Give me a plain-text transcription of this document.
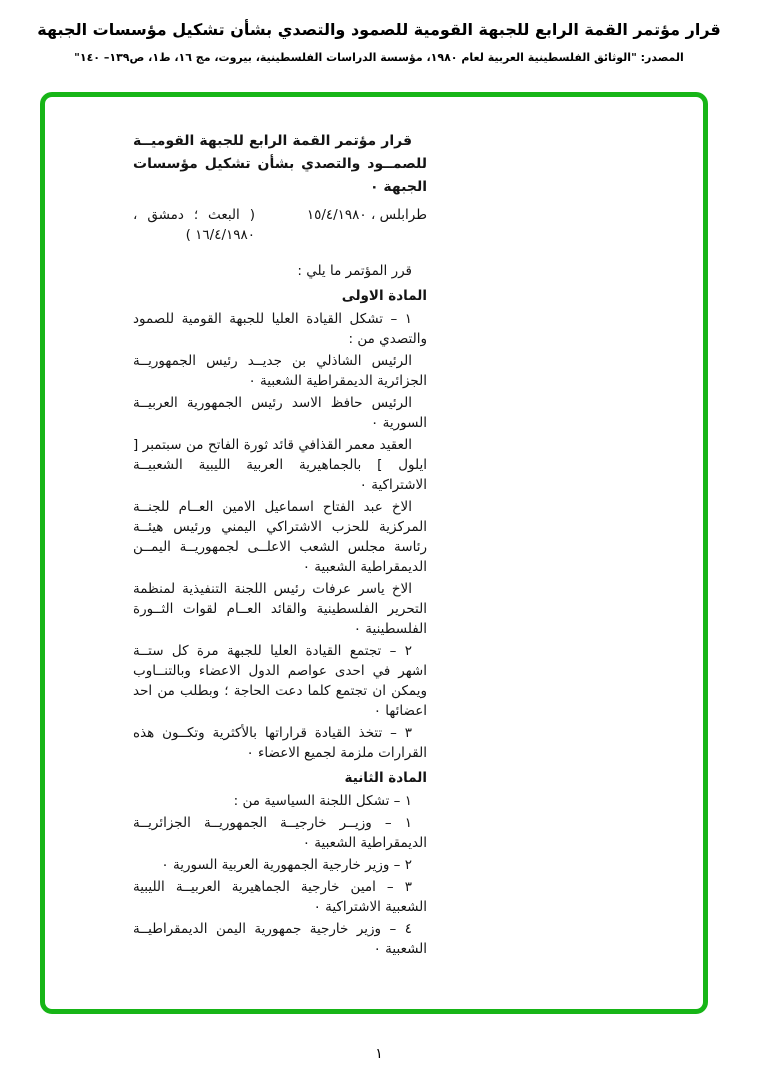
قرار مؤتمر القمة الرابع للجبهة القومية للصمود والتصدي بشأن تشكيل مؤسسات الجبهة
المصدر: "الوثائق الفلسطينية العربية لعام ١٩٨٠، مؤسسة الدراسات الفلسطينية، بيروت، مج ١٦، ط١، ص١٣٩– ١٤٠"

قرار مؤتمر القمة الرابع للجبهة القوميــة للصمــود والتصدي بشأن تشكيل مؤسسات الجبهة ٠

طرابلس ، ١٥/٤/١٩٨٠
( البعث ؛ دمشق ، ١٦/٤/١٩٨٠ )

قرر المؤتمر ما يلي :

المادة الاولى

١ – تشكل القيادة العليا للجبهة القومية للصمود والتصدي من :

الرئيس الشاذلي بن جديــد رئيس الجمهوريــة الجزائرية الديمقراطية الشعبية ٠

الرئيس حافظ الاسد رئيس الجمهورية العربيــة السورية ٠

العقيد معمر القذافي قائد ثورة الفاتح من سبتمبر [ ايلول ] بالجماهيرية العربية الليبية الشعبيــة الاشتراكية ٠

الاخ عبد الفتاح اسماعيل الامين العــام للجنــة المركزية للحزب الاشتراكي اليمني ورئيس هيئــة رئاسة مجلس الشعب الاعلــى لجمهوريــة اليمــن الديمقراطية الشعبية ٠

الاخ ياسر عرفات رئيس اللجنة التنفيذية لمنظمة التحرير الفلسطينية والقائد العــام لقوات الثــورة الفلسطينية ٠

٢ – تجتمع القيادة العليا للجبهة مرة كل ستــة اشهر في احدى عواصم الدول الاعضاء وبالتنــاوب ويمكن ان تجتمع كلما دعت الحاجة ؛ وبطلب من احد اعضائها ٠

٣ – تتخذ القيادة قراراتها بالأكثرية وتكــون هذه القرارات ملزمة لجميع الاعضاء ٠

المادة الثانية

١ – تشكل اللجنة السياسية من :

١ – وزيــر خارجيــة الجمهوريــة الجزائريــة الديمقراطية الشعبية ٠

٢ – وزير خارجية الجمهورية العربية السورية ٠

٣ – امين خارجية الجماهيرية العربيــة الليبية الشعبية الاشتراكية ٠

٤ – وزير خارجية جمهورية اليمن الديمقراطيــة الشعبية ٠

١
